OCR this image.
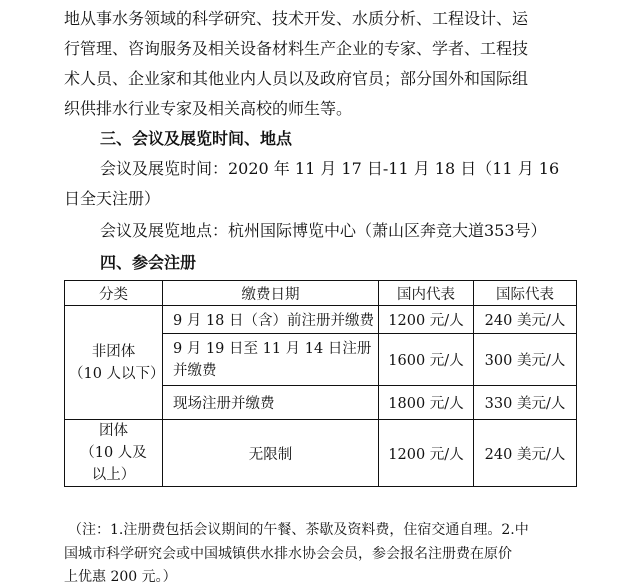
地从事水务领域的科学研究、技术开发、水质分析、工程设计、运
行管理、咨询服务及相关设备材料生产企业的专家、学者、工程技
术人员、企业家和其他业内人员以及政府官员；部分国外和国际组
织供排水行业专家及相关高校的师生等。
三、会议及展览时间、地点
会议及展览时间：2020 年 11 月 17 日-11 月 18 日（11 月 16
日全天注册）
会议及展览地点：杭州国际博览中心（萧山区奔竞大道353号）
四、参会注册
分类	缴费日期	国内代表	国际代表

非团体
（10 人以下）	9 月 18 日（含）前注册并缴费	1200 元/人	240 美元/人
	9 月 19 日至 11 月 14 日注册并缴费	1600 元/人	300 美元/人
	现场注册并缴费	1800 元/人	330 美元/人

团体
（10 人及
以上）	无限制	1200 元/人	240 美元/人
（注：1.注册费包括会议期间的午餐、茶歇及资料费，住宿交通自理。2.中
国城市科学研究会或中国城镇供水排水协会会员，参会报名注册费在原价
上优惠 200 元。）
